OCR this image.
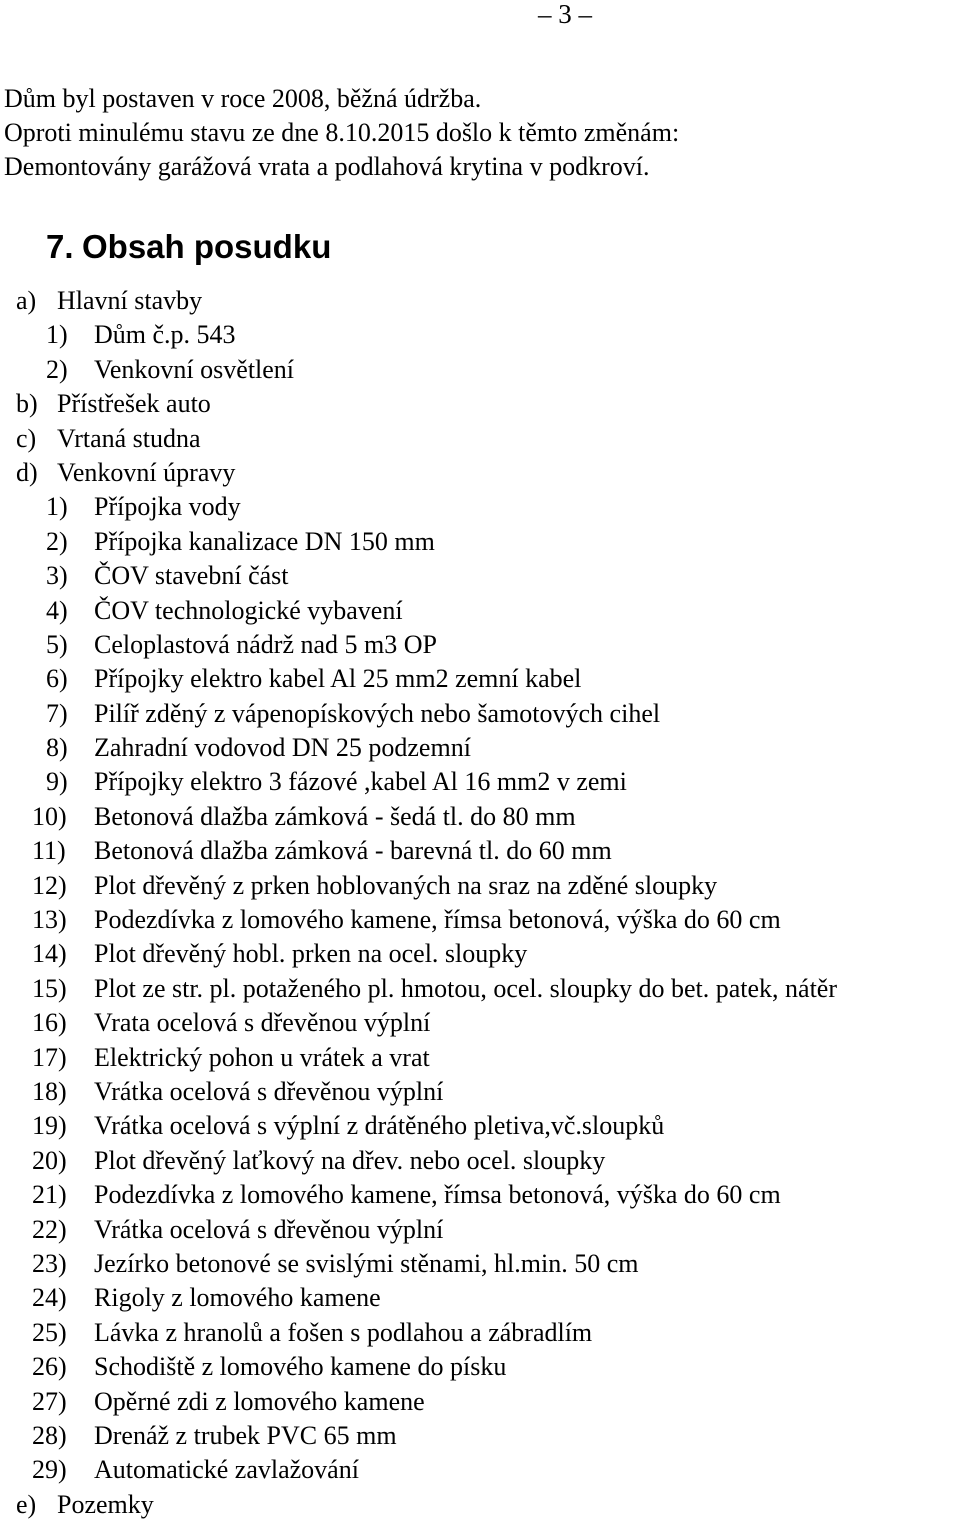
– 3 –
Dům byl postaven v roce 2008, běžná údržba.
Oproti minulému stavu ze dne 8.10.2015 došlo k těmto změnám:
Demontovány garážová vrata a podlahová krytina v podkroví.
7. Obsah posudku
a) Hlavní stavby
1) Dům č.p. 543
2) Venkovní osvětlení
b) Přístřešek auto
c) Vrtaná studna
d) Venkovní úpravy
1) Přípojka vody
2) Přípojka kanalizace DN 150 mm
3) ČOV stavební část
4) ČOV technologické vybavení
5) Celoplastová nádrž nad 5 m3 OP
6) Přípojky elektro kabel Al 25 mm2 zemní kabel
7) Pilíř zděný z vápenopískových nebo šamotových cihel
8) Zahradní vodovod DN 25 podzemní
9) Přípojky elektro 3 fázové ,kabel Al 16 mm2 v zemi
10) Betonová dlažba zámková - šedá tl. do 80 mm
11) Betonová dlažba zámková - barevná tl. do 60 mm
12) Plot dřevěný z prken hoblovaných na sraz na zděné sloupky
13) Podezdívka z lomového kamene, římsa betonová, výška do 60 cm
14) Plot dřevěný hobl. prken na ocel. sloupky
15) Plot ze str. pl. potaženého pl. hmotou, ocel. sloupky do bet. patek, nátěr
16) Vrata ocelová s dřevěnou výplní
17) Elektrický pohon u vrátek a vrat
18) Vrátka ocelová s dřevěnou výplní
19) Vrátka ocelová s výplní z drátěného pletiva,vč.sloupků
20) Plot dřevěný laťkový na dřev. nebo ocel. sloupky
21) Podezdívka z lomového kamene, římsa betonová, výška do 60 cm
22) Vrátka ocelová s dřevěnou výplní
23) Jezírko betonové se svislými stěnami, hl.min. 50 cm
24) Rigoly z lomového kamene
25) Lávka z hranolů a fošen s podlahou a zábradlím
26) Schodiště z lomového kamene do písku
27) Opěrné zdi z lomového kamene
28) Drenáž z trubek PVC 65 mm
29) Automatické zavlažování
e) Pozemky
